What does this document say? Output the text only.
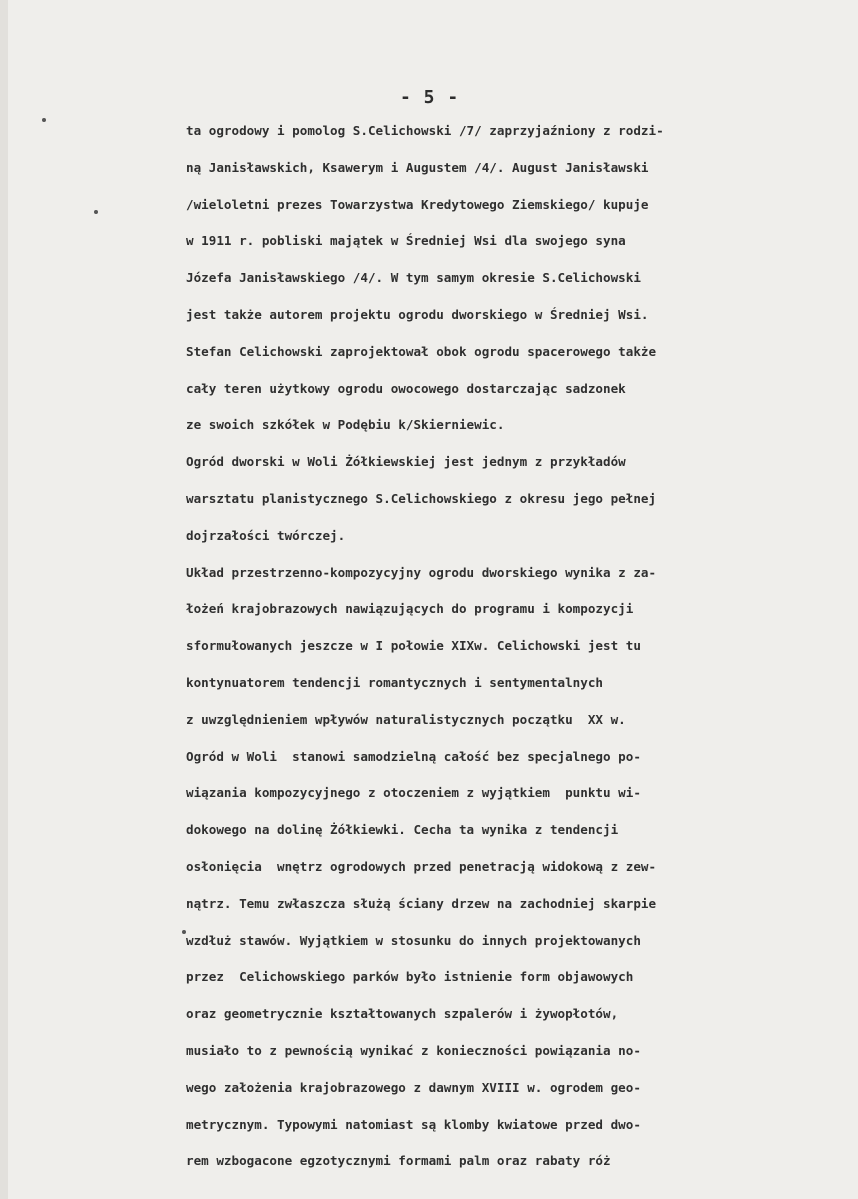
- 5 -
ta ogrodowy i pomolog S.Celichowski /7/ zaprzyjaźniony z rodzi-
ną Janisławskich, Ksawerym i Augustem /4/. August Janisławski
/wieloletni prezes Towarzystwa Kredytowego Ziemskiego/ kupuje
w 1911 r. pobliski majątek w Średniej Wsi dla swojego syna
Józefa Janisławskiego /4/. W tym samym okresie S.Celichowski
jest także autorem projektu ogrodu dworskiego w Średniej Wsi.
Stefan Celichowski zaprojektował obok ogrodu spacerowego także
cały teren użytkowy ogrodu owocowego dostarczając sadzonek
ze swoich szkółek w Podębiu k/Skierniewic.
Ogród dworski w Woli Żółkiewskiej jest jednym z przykładów
warsztatu planistycznego S.Celichowskiego z okresu jego pełnej
dojrzałości twórczej.
Układ przestrzenno-kompozycyjny ogrodu dworskiego wynika z za-
łożeń krajobrazowych nawiązujących do programu i kompozycji
sformułowanych jeszcze w I połowie XIXw. Celichowski jest tu
kontynuatorem tendencji romantycznych i sentymentalnych
z uwzględnieniem wpływów naturalistycznych początku  XX w.
Ogród w Woli  stanowi samodzielną całość bez specjalnego po-
wiązania kompozycyjnego z otoczeniem z wyjątkiem  punktu wi-
dokowego na dolinę Żółkiewki. Cecha ta wynika z tendencji
osłonięcia  wnętrz ogrodowych przed penetracją widokową z zew-
nątrz. Temu zwłaszcza służą ściany drzew na zachodniej skarpie
wzdłuż stawów. Wyjątkiem w stosunku do innych projektowanych
przez  Celichowskiego parków było istnienie form objawowych
oraz geometrycznie kształtowanych szpalerów i żywopłotów,
musiało to z pewnością wynikać z konieczności powiązania no-
wego założenia krajobrazowego z dawnym XVIII w. ogrodem geo-
metrycznym. Typowymi natomiast są klomby kwiatowe przed dwo-
rem wzbogacone egzotycznymi formami palm oraz rabaty róż
